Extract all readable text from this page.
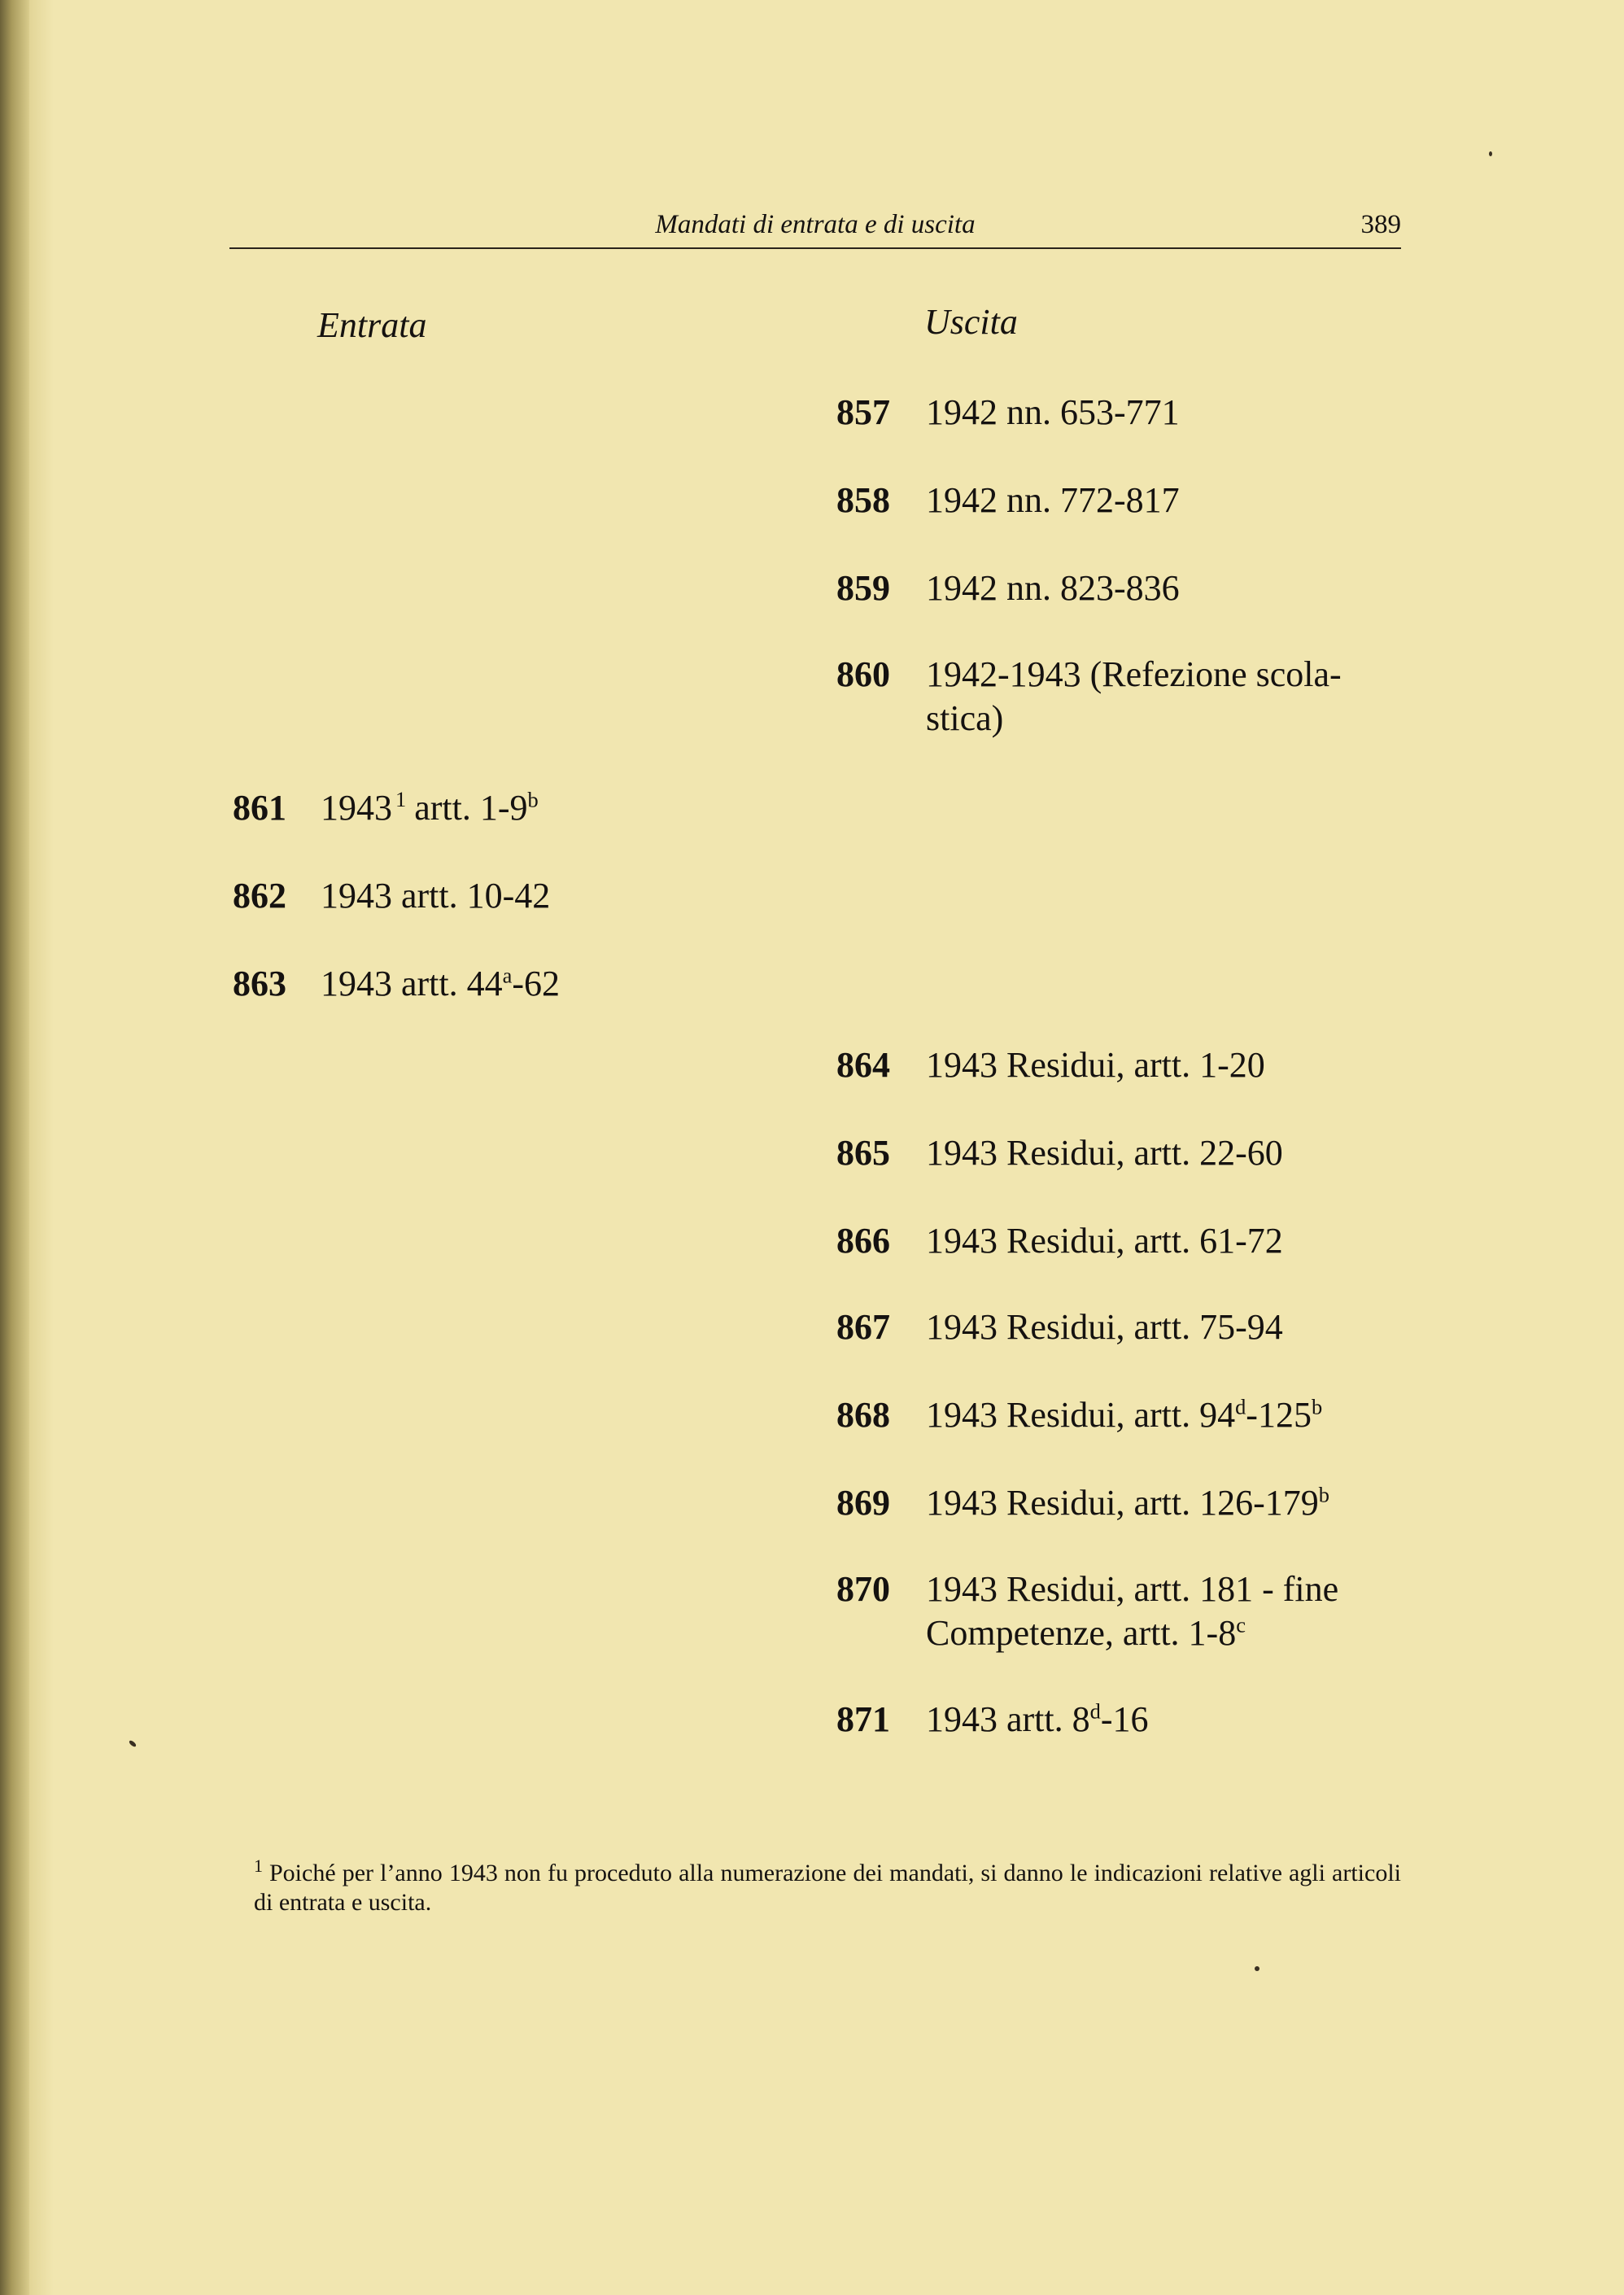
Mandati di entrata e di uscita	389
Entrata	Uscita
857 1942 nn. 653-771
858 1942 nn. 772-817
859 1942 nn. 823-836
860 1942-1943 (Refezione scola-
stica)
861 1943 $^1$ artt. 1-9$^b$
862 1943 artt. 10-42
863 1943 artt. 44$^a$-62
864 1943 Residui, artt. 1-20
865 1943 Residui, artt. 22-60
866 1943 Residui, artt. 61-72
867 1943 Residui, artt. 75-94
868 1943 Residui, artt. 94$^d$-125$^b$
869 1943 Residui, artt. 126-179$^b$
870 1943 Residui, artt. 181 - fine
Competenze, artt. 1-8$^c$
871 1943 artt. 8$^d$-16
$^1$ Poiché per l’anno 1943 non fu proceduto alla numerazione dei mandati, si danno le indicazioni relative agli articoli di entrata e uscita.
